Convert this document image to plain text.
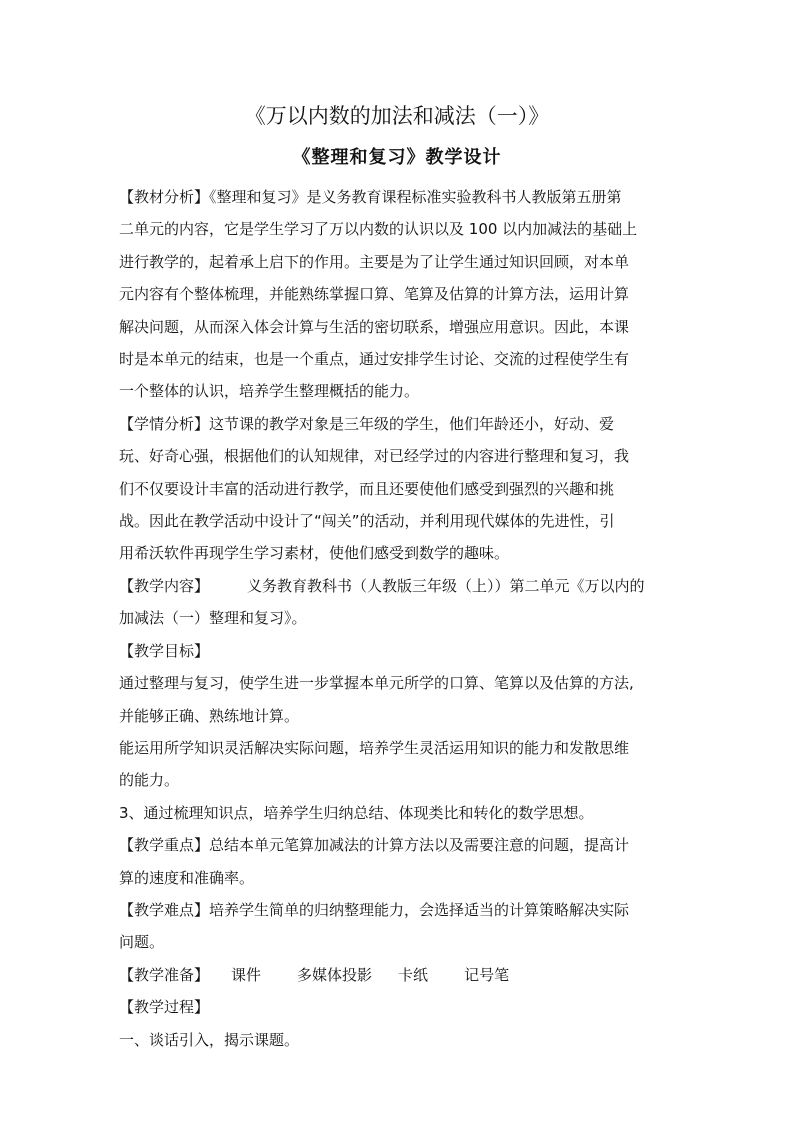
《万以内数的加法和减法（一）》
《整理和复习》教学设计
【教材分析】《整理和复习》是义务教育课程标准实验教科书人教版第五册第
二单元的内容，它是学生学习了万以内数的认识以及 100 以内加减法的基础上
进行教学的，起着承上启下的作用。主要是为了让学生通过知识回顾，对本单
元内容有个整体梳理，并能熟练掌握口算、笔算及估算的计算方法，运用计算
解决问题，从而深入体会计算与生活的密切联系，增强应用意识。因此，本课
时是本单元的结束，也是一个重点，通过安排学生讨论、交流的过程使学生有
一个整体的认识，培养学生整理概括的能力。
【学情分析】这节课的教学对象是三年级的学生，他们年龄还小，好动、爱
玩、好奇心强，根据他们的认知规律，对已经学过的内容进行整理和复习，我
们不仅要设计丰富的活动进行教学，而且还要使他们感受到强烈的兴趣和挑
战。因此在教学活动中设计了“闯关”的活动，并利用现代媒体的先进性，引
用希沃软件再现学生学习素材，使他们感受到数学的趣味。
【教学内容】	义务教育教科书（人教版三年级（上））第二单元《万以内的
加减法（一）整理和复习》。
【教学目标】
通过整理与复习，使学生进一步掌握本单元所学的口算、笔算以及估算的方法,
并能够正确、熟练地计算。
能运用所学知识灵活解决实际问题，培养学生灵活运用知识的能力和发散思维
的能力。
3、通过梳理知识点，培养学生归纳总结、体现类比和转化的数学思想。
【教学重点】总结本单元笔算加减法的计算方法以及需要注意的问题，提高计
算的速度和准确率。
【教学难点】培养学生简单的归纳整理能力，会选择适当的计算策略解决实际
问题。
【教学准备】 课件 多媒体投影 卡纸 记号笔
【教学过程】
一、谈话引入，揭示课题。
